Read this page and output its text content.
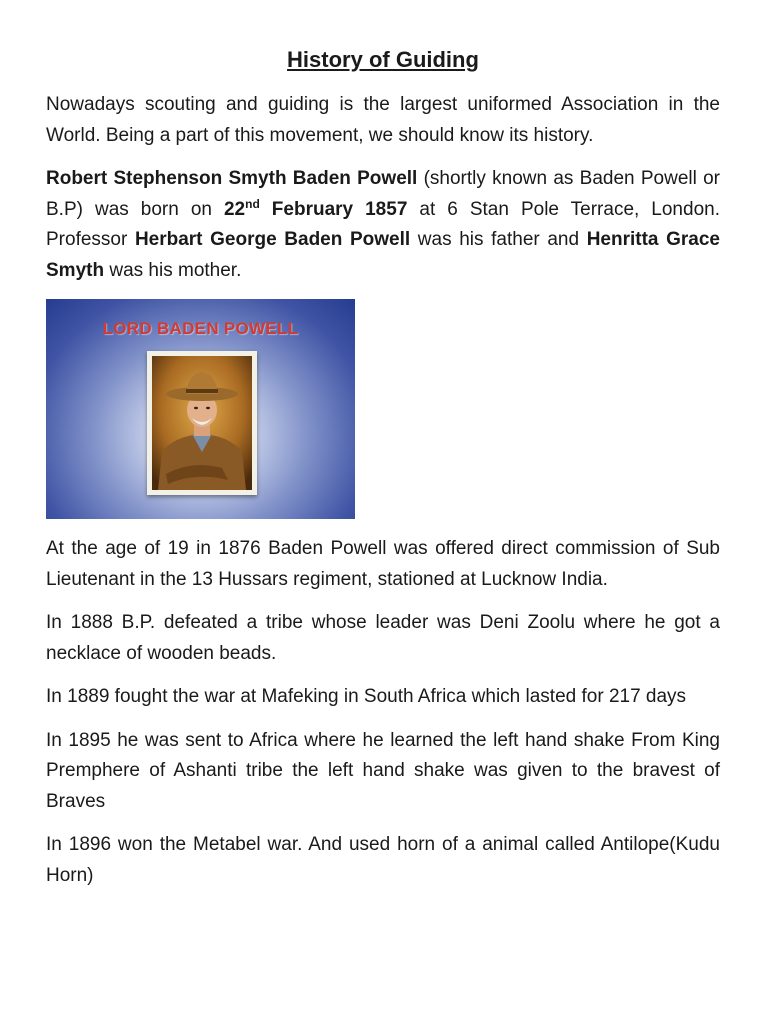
History of Guiding

Nowadays scouting and guiding is the largest uniformed Association in the World. Being a part of this movement, we should know its history.

Robert Stephenson Smyth Baden Powell (shortly known as Baden Powell or B.P) was born on 22nd February 1857 at 6 Stan Pole Terrace, London. Professor Herbart George Baden Powell was his father and Henritta Grace Smyth was his mother.

LORD BADEN POWELL

At the age of 19 in 1876 Baden Powell was offered direct commission of Sub Lieutenant in the 13 Hussars regiment, stationed at Lucknow India.

In 1888 B.P. defeated a tribe whose leader was Deni Zoolu where he got a necklace of wooden beads.

In 1889 fought the war at Mafeking in South Africa which lasted for 217 days

In 1895 he was sent to Africa where he learned the left hand shake From King Premphere of Ashanti tribe the left hand shake was given to the bravest of Braves

In 1896 won the Metabel war. And used horn of a animal called Antilope(Kudu Horn)
